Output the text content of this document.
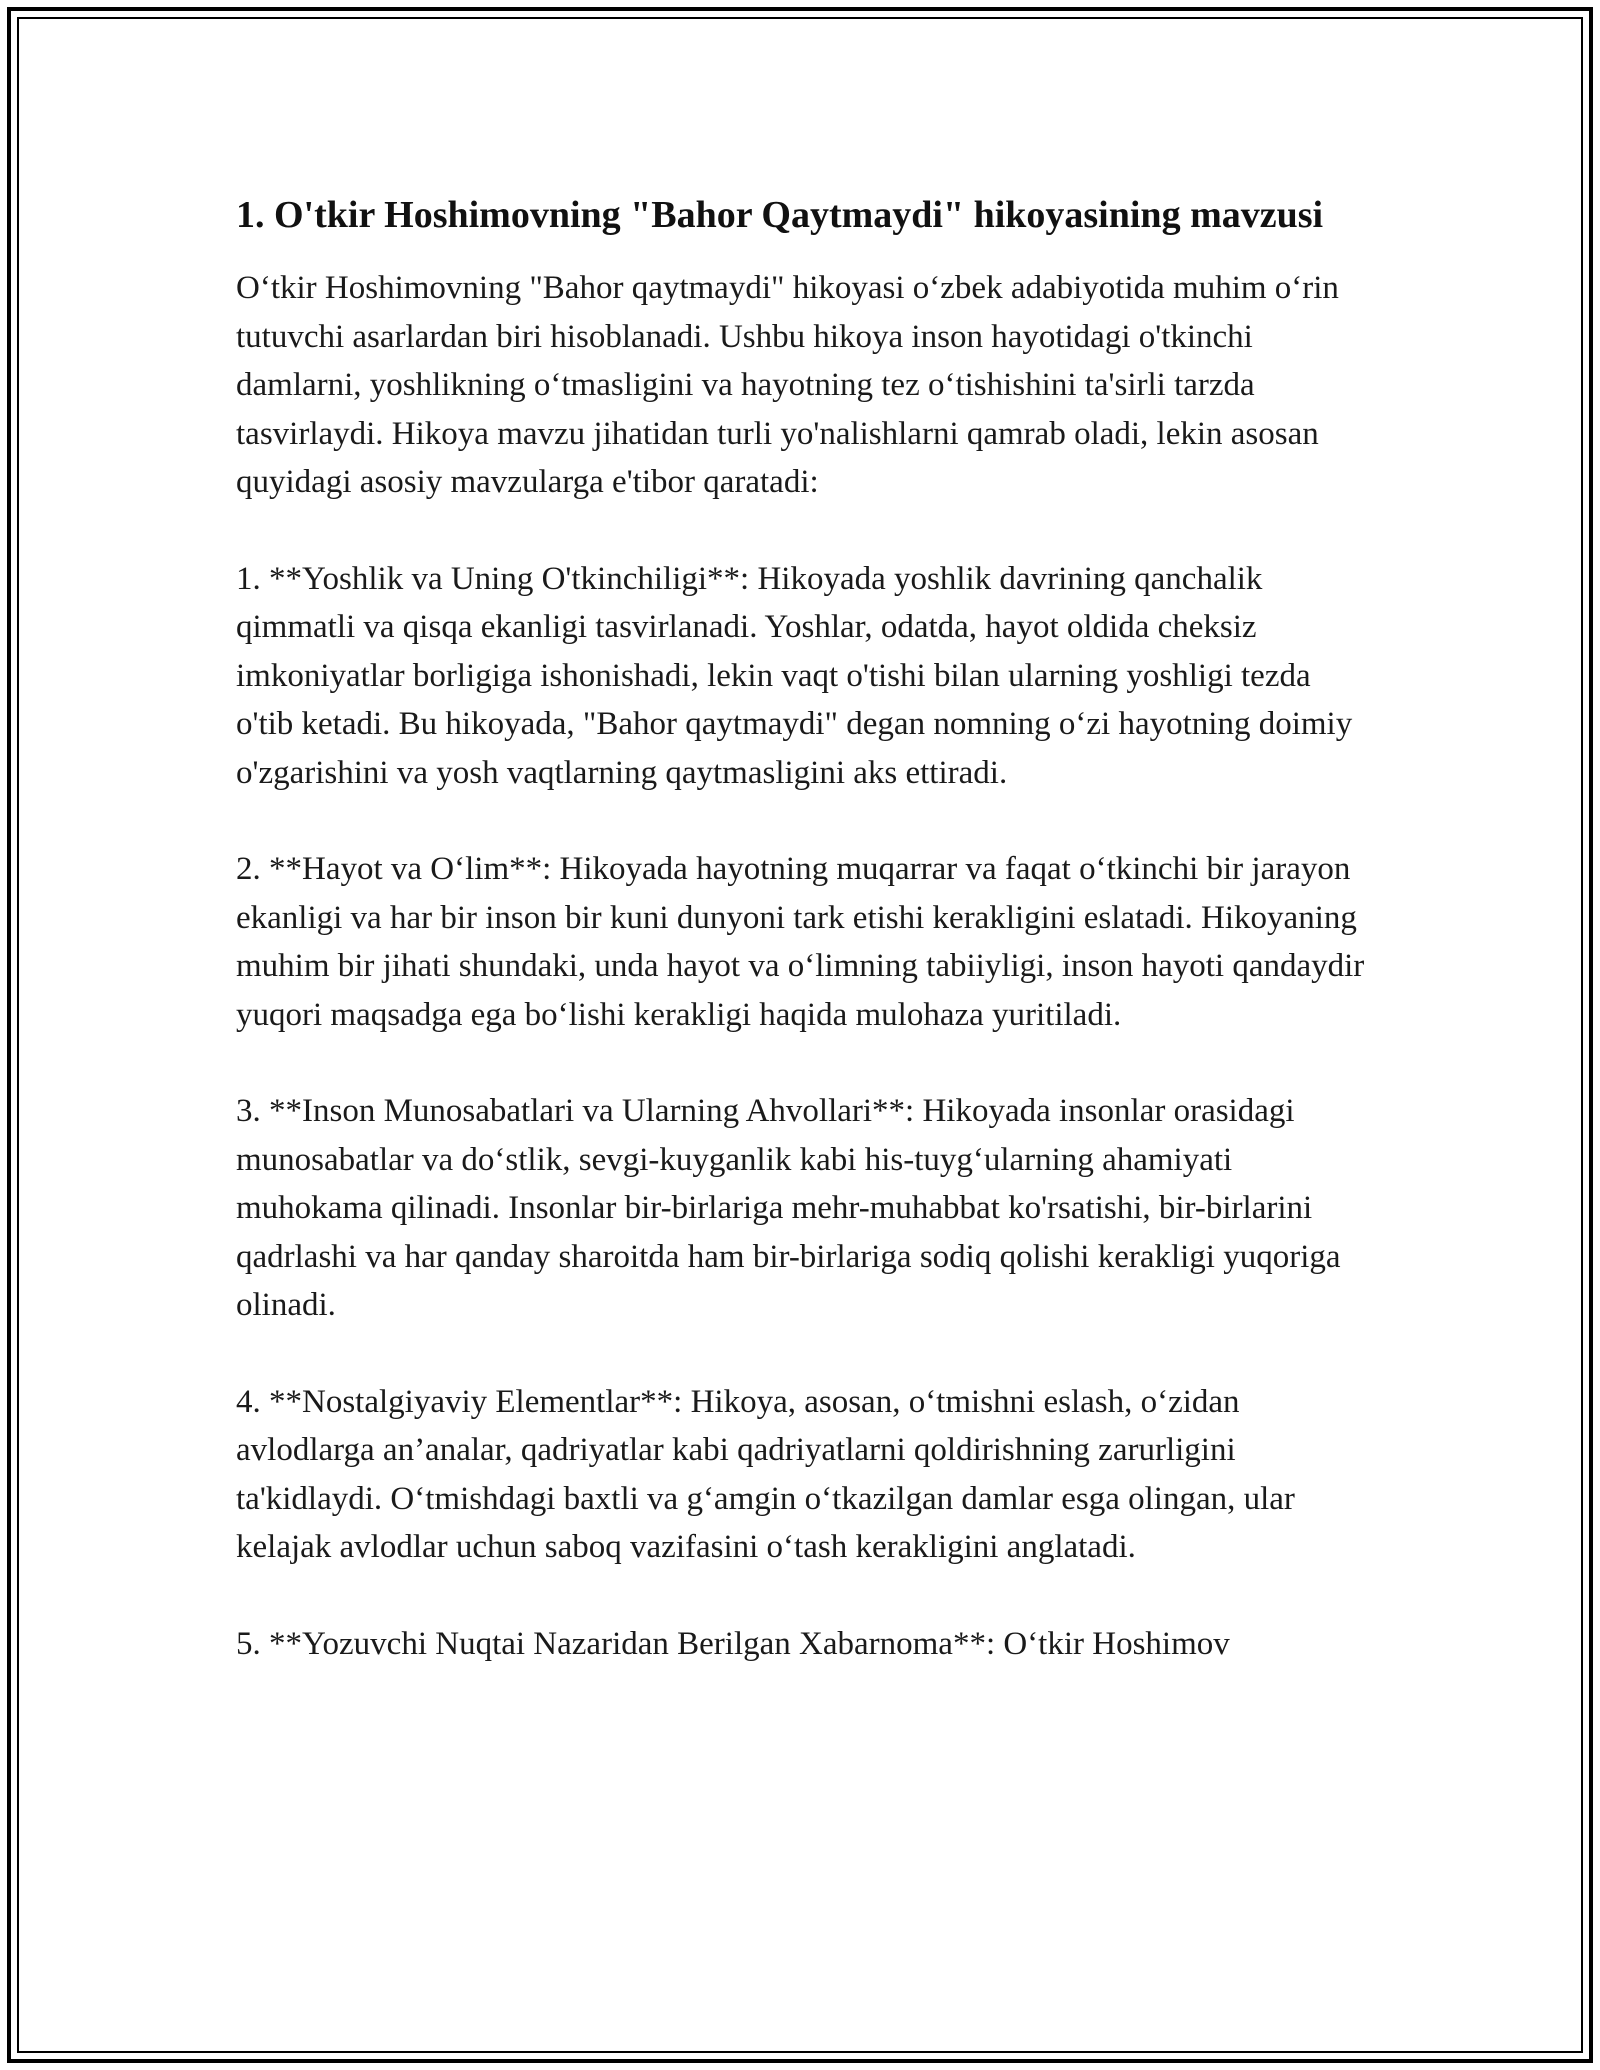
1. O'tkir Hoshimovning "Bahor Qaytmaydi" hikoyasining mavzusi

O‘tkir Hoshimovning "Bahor qaytmaydi" hikoyasi o‘zbek adabiyotida muhim o‘rin tutuvchi asarlardan biri hisoblanadi. Ushbu hikoya inson hayotidagi o'tkinchi damlarni, yoshlikning o‘tmasligini va hayotning tez o‘tishishini ta'sirli tarzda tasvirlaydi. Hikoya mavzu jihatidan turli yo'nalishlarni qamrab oladi, lekin asosan quyidagi asosiy mavzularga e'tibor qaratadi:

1. **Yoshlik va Uning O'tkinchiligi**: Hikoyada yoshlik davrining qanchalik qimmatli va qisqa ekanligi tasvirlanadi. Yoshlar, odatda, hayot oldida cheksiz imkoniyatlar borligiga ishonishadi, lekin vaqt o'tishi bilan ularning yoshligi tezda o'tib ketadi. Bu hikoyada, "Bahor qaytmaydi" degan nomning o‘zi hayotning doimiy o'zgarishini va yosh vaqtlarning qaytmasligini aks ettiradi.

2. **Hayot va O‘lim**: Hikoyada hayotning muqarrar va faqat o‘tkinchi bir jarayon ekanligi va har bir inson bir kuni dunyoni tark etishi kerakligini eslatadi. Hikoyaning muhim bir jihati shundaki, unda hayot va o‘limning tabiiyligi, inson hayoti qandaydir yuqori maqsadga ega bo‘lishi kerakligi haqida mulohaza yuritiladi.

3. **Inson Munosabatlari va Ularning Ahvollari**: Hikoyada insonlar orasidagi munosabatlar va do‘stlik, sevgi-kuyganlik kabi his-tuyg‘ularning ahamiyati muhokama qilinadi. Insonlar bir-birlariga mehr-muhabbat ko'rsatishi, bir-birlarini qadrlashi va har qanday sharoitda ham bir-birlariga sodiq qolishi kerakligi yuqoriga olinadi.

4. **Nostalgiyaviy Elementlar**: Hikoya, asosan, o‘tmishni eslash, o‘zidan avlodlarga an’analar, qadriyatlar kabi qadriyatlarni qoldirishning zarurligini ta'kidlaydi. O‘tmishdagi baxtli va g‘amgin o‘tkazilgan damlar esga olingan, ular kelajak avlodlar uchun saboq vazifasini o‘tash kerakligini anglatadi.

5. **Yozuvchi Nuqtai Nazaridan Berilgan Xabarnoma**: O‘tkir Hoshimov
